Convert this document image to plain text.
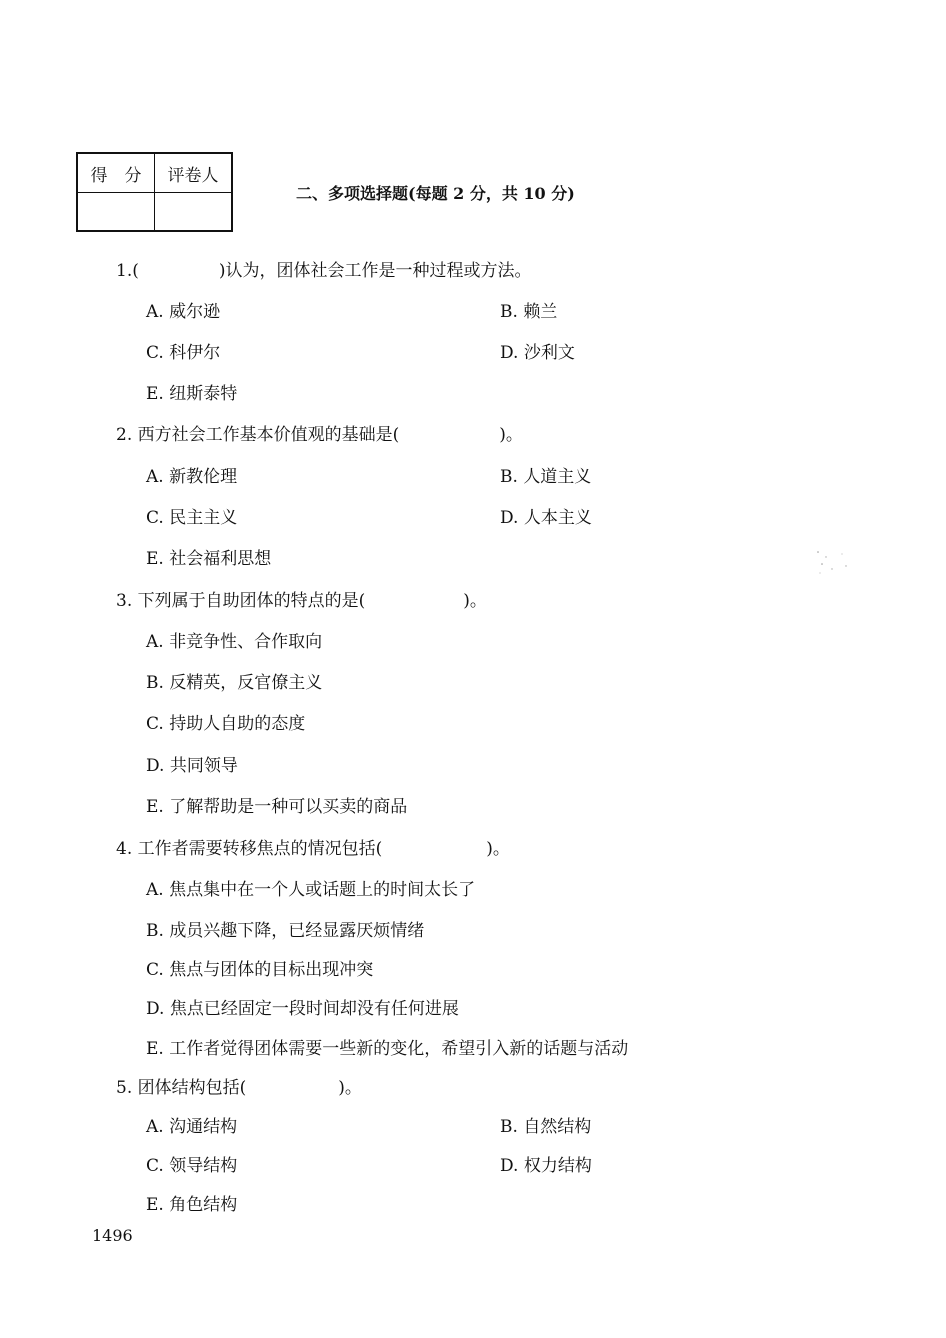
得　分	评卷人

二、多项选择题(每题 2 分，共 10 分)
1.(	)认为，团体社会工作是一种过程或方法。
A. 威尔逊	B. 赖兰
C. 科伊尔	D. 沙利文
E. 纽斯泰特
2. 西方社会工作基本价值观的基础是(	)。
A. 新教伦理	B. 人道主义
C. 民主主义	D. 人本主义
E. 社会福利思想
3. 下列属于自助团体的特点的是(	)。
A. 非竞争性、合作取向
B. 反精英，反官僚主义
C. 持助人自助的态度
D. 共同领导
E. 了解帮助是一种可以买卖的商品
4. 工作者需要转移焦点的情况包括(	)。
A. 焦点集中在一个人或话题上的时间太长了
B. 成员兴趣下降，已经显露厌烦情绪
C. 焦点与团体的目标出现冲突
D. 焦点已经固定一段时间却没有任何进展
E. 工作者觉得团体需要一些新的变化，希望引入新的话题与活动
5. 团体结构包括(	)。
A. 沟通结构	B. 自然结构
C. 领导结构	D. 权力结构
E. 角色结构
1496
